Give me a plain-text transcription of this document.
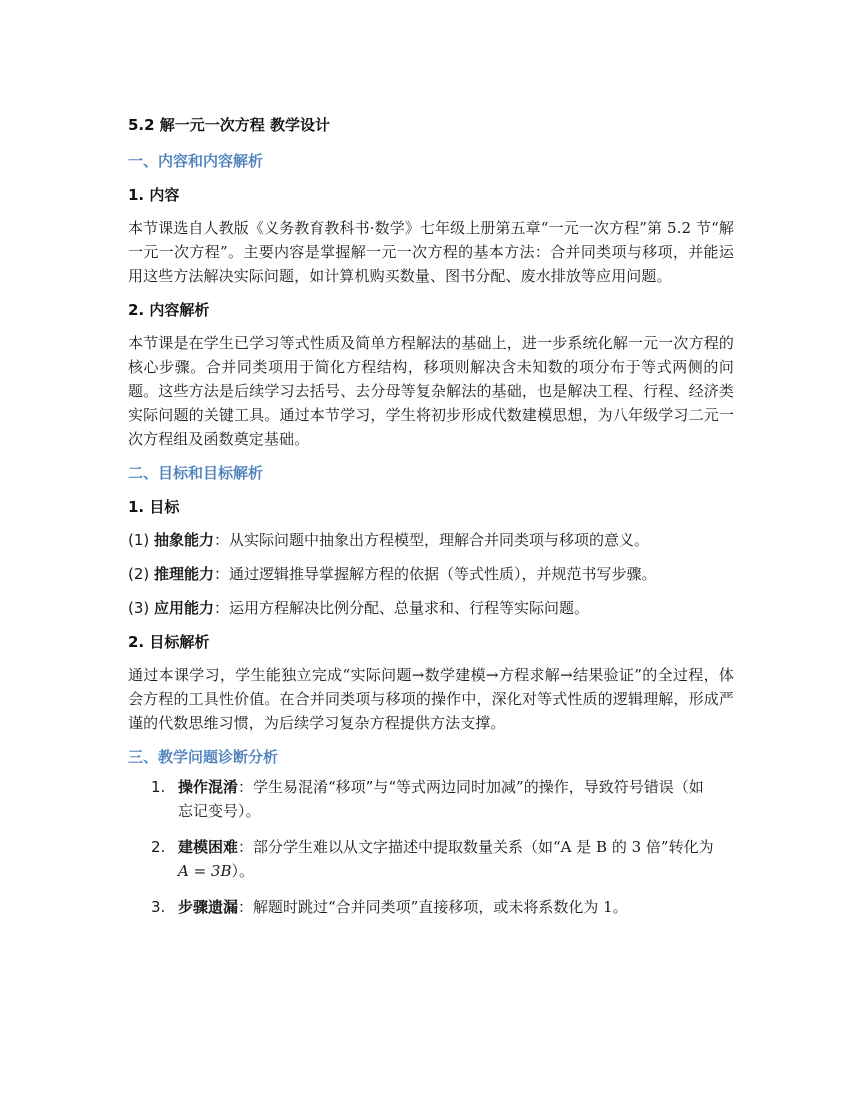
5.2 解一元一次方程 教学设计
一、内容和内容解析
1. 内容

本节课选自人教版《义务教育教科书·数学》七年级上册第五章“一元一次方程”第 5.2 节“解一元一次方程”。主要内容是掌握解一元一次方程的基本方法：合并同类项与移项，并能运用这些方法解决实际问题，如计算机购买数量、图书分配、废水排放等应用问题。

2. 内容解析

本节课是在学生已学习等式性质及简单方程解法的基础上，进一步系统化解一元一次方程的核心步骤。合并同类项用于简化方程结构，移项则解决含未知数的项分布于等式两侧的问题。这些方法是后续学习去括号、去分母等复杂解法的基础，也是解决工程、行程、经济类实际问题的关键工具。通过本节学习，学生将初步形成代数建模思想，为八年级学习二元一次方程组及函数奠定基础。

二、目标和目标解析
1. 目标

(1) 抽象能力：从实际问题中抽象出方程模型，理解合并同类项与移项的意义。

(2) 推理能力：通过逻辑推导掌握解方程的依据（等式性质），并规范书写步骤。

(3) 应用能力：运用方程解决比例分配、总量求和、行程等实际问题。

2. 目标解析

通过本课学习，学生能独立完成“实际问题→数学建模→方程求解→结果验证”的全过程，体会方程的工具性价值。在合并同类项与移项的操作中，深化对等式性质的逻辑理解，形成严谨的代数思维习惯，为后续学习复杂方程提供方法支撑。

三、教学问题诊断分析
1. 操作混淆：学生易混淆“移项”与“等式两边同时加减”的操作，导致符号错误（如忘记变号）。
2. 建模困难：部分学生难以从文字描述中提取数量关系（如“A 是 B 的 3 倍”转化为A = 3B）。
3. 步骤遗漏：解题时跳过“合并同类项”直接移项，或未将系数化为 1。
